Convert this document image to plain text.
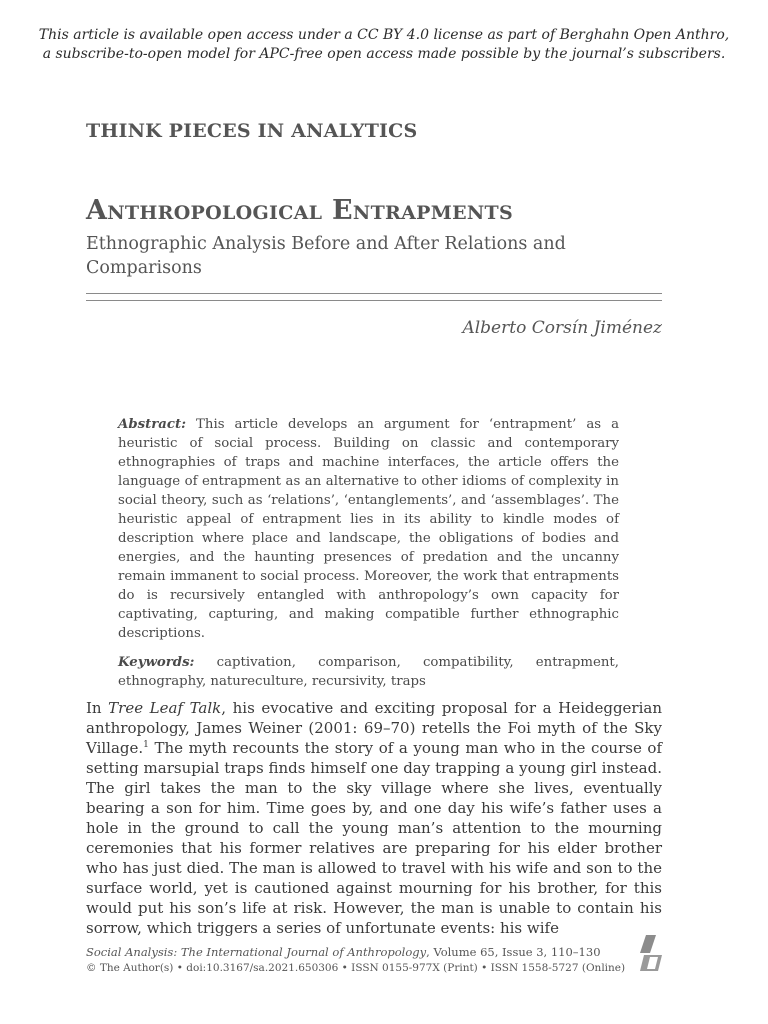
This article is available open access under a CC BY 4.0 license as part of Berghahn Open Anthro,
a subscribe-to-open model for APC-free open access made possible by the journal’s subscribers.
THINK PIECES IN ANALYTICS
Anthropological Entrapments
Ethnographic Analysis Before and After Relations and Comparisons
Alberto Corsín Jiménez

Abstract: This article develops an argument for ‘entrapment’ as a heuristic of social process. Building on classic and contemporary ethnographies of traps and machine interfaces, the article offers the language of entrapment as an alternative to other idioms of complexity in social theory, such as ‘relations’, ‘entanglements’, and ‘assemblages’. The heuristic appeal of entrapment lies in its ability to kindle modes of description where place and landscape, the obligations of bodies and energies, and the haunting presences of predation and the uncanny remain immanent to social process. Moreover, the work that entrapments do is recursively entangled with anthropology’s own capacity for captivating, capturing, and making compatible further ethnographic descriptions.

Keywords: captivation, comparison, compatibility, entrapment, ethnography, natureculture, recursivity, traps

In Tree Leaf Talk, his evocative and exciting proposal for a Heideggerian anthropology, James Weiner (2001: 69–70) retells the Foi myth of the Sky Village.$^1$ The myth recounts the story of a young man who in the course of setting marsupial traps finds himself one day trapping a young girl instead. The girl takes the man to the sky village where she lives, eventually bearing a son for him. Time goes by, and one day his wife’s father uses a hole in the ground to call the young man’s attention to the mourning ceremonies that his former relatives are preparing for his elder brother who has just died. The man is allowed to travel with his wife and son to the surface world, yet is cautioned against mourning for his brother, for this would put his son’s life at risk. However, the man is unable to contain his sorrow, which triggers a series of unfortunate events: his wife

Social Analysis: The International Journal of Anthropology, Volume 65, Issue 3, 110–130
© The Author(s) • doi:10.3167/sa.2021.650306 • ISSN 0155-977X (Print) • ISSN 1558-5727 (Online)
